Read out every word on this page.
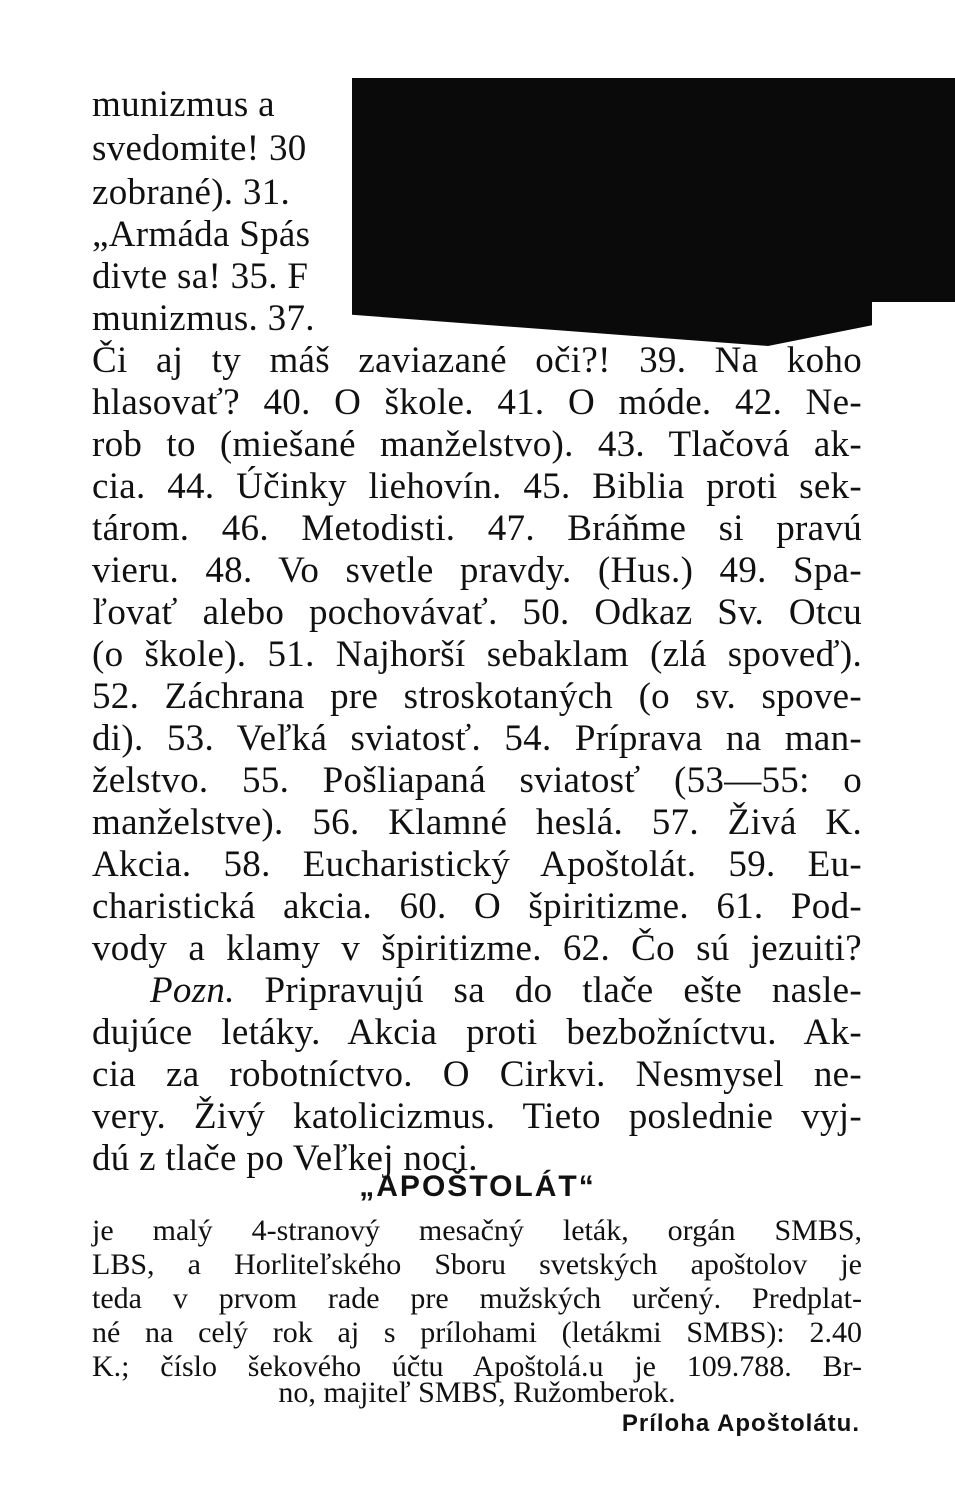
munizmus a
svedomite! 30
zobrané). 31.
„Armáda Spás
divte sa! 35. F
munizmus. 37.
Či aj ty máš zaviazané oči?! 39. Na koho
hlasovať? 40. O škole. 41. O móde. 42. Ne-
rob to (miešané manželstvo). 43. Tlačová ak-
cia. 44. Účinky liehovín. 45. Biblia proti sek-
tárom. 46. Metodisti. 47. Bráňme si pravú
vieru. 48. Vo svetle pravdy. (Hus.) 49. Spa-
ľovať alebo pochovávať. 50. Odkaz Sv. Otcu
(o škole). 51. Najhorší sebaklam (zlá spoveď).
52. Záchrana pre stroskotaných (o sv. spove-
di). 53. Veľká sviatosť. 54. Príprava na man-
želstvo. 55. Pošliapaná sviatosť (53—55: o
manželstve). 56. Klamné heslá. 57. Živá K.
Akcia. 58. Eucharistický Apoštolát. 59. Eu-
charistická akcia. 60. O špiritizme. 61. Pod-
vody a klamy v špiritizme. 62. Čo sú jezuiti?
Pozn. Pripravujú sa do tlače ešte nasle-
dujúce letáky. Akcia proti bezbožníctvu. Ak-
cia za robotníctvo. O Cirkvi. Nesmysel ne-
very. Živý katolicizmus. Tieto poslednie vyj-
dú z tlače po Veľkej noci.
„APOŠTOLÁT“
je malý 4-stranový mesačný leták, orgán SMBS,
LBS, a Horliteľského Sboru svetských apoštolov je
teda v prvom rade pre mužských určený. Predplat-
né na celý rok aj s prílohami (letákmi SMBS): 2.40
K.; číslo šekového účtu Apoštolá.u je 109.788. Br-
no, majiteľ SMBS, Ružomberok.
Príloha Apoštolátu.
